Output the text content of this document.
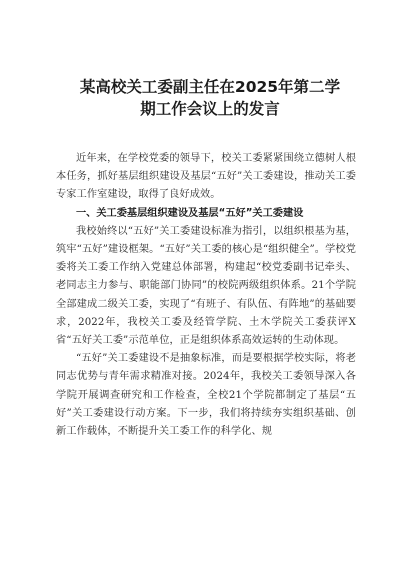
某高校关工委副主任在2025年第二学
期工作会议上的发言

近年来，在学校党委的领导下，校关工委紧紧围绕立德树人根本任务，抓好基层组织建设及基层“五好”关工委建设，推动关工委专家工作室建设，取得了良好成效。

一、关工委基层组织建设及基层“五好”关工委建设

我校始终以“五好”关工委建设标准为指引，以组织根基为基，筑牢“五好”建设框架。“五好”关工委的核心是“组织健全”。学校党委将关工委工作纳入党建总体部署，构建起“校党委副书记牵头、老同志主力参与、职能部门协同”的校院两级组织体系。21个学院全部建成二级关工委，实现了“有班子、有队伍、有阵地”的基础要求，2022年，我校关工委及经管学院、土木学院关工委获评X省“五好关工委”示范单位，正是组织体系高效运转的生动体现。

“五好”关工委建设不是抽象标准，而是要根据学校实际，将老同志优势与青年需求精准对接。2024年，我校关工委领导深入各学院开展调查研究和工作检查，全校21个学院都制定了基层“五好”关工委建设行动方案。下一步，我们将持续夯实组织基础、创新工作载体，不断提升关工委工作的科学化、规
